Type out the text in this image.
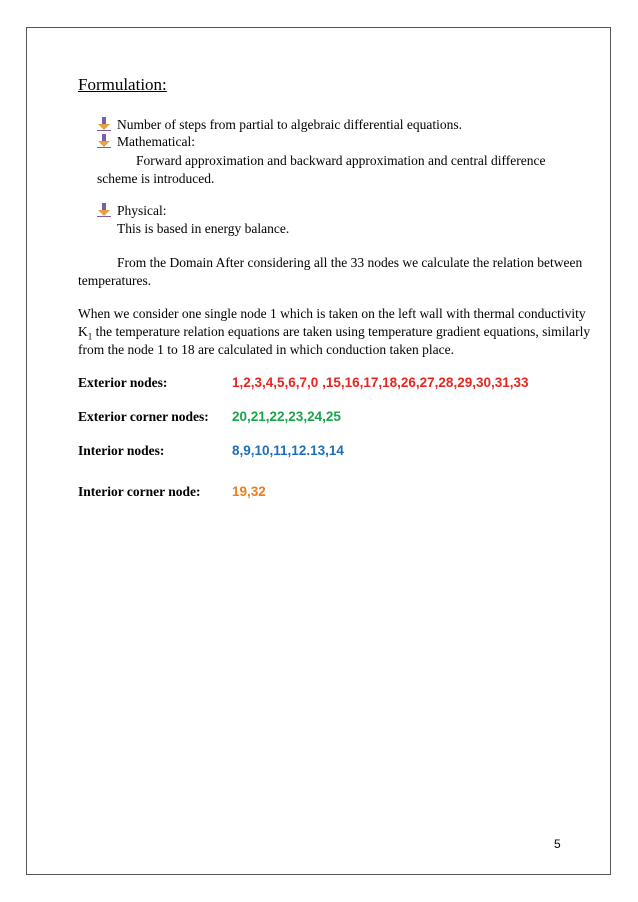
Formulation:
Number of steps from partial to algebraic differential equations.
Mathematical:
Forward approximation and backward approximation and central difference
scheme is introduced.
Physical:
This is based in energy balance.
From the Domain After considering all the 33 nodes we calculate the relation between
temperatures.
When we consider one single node 1 which is taken on the left wall with thermal conductivity
$K_1$ the temperature relation equations are taken using temperature gradient equations, similarly
from the node 1 to 18 are calculated in which conduction taken place.
Exterior nodes:	1,2,3,4,5,6,7,0 ,15,16,17,18,26,27,28,29,30,31,33
Exterior corner nodes: 20,21,22,23,24,25
Interior nodes:	8,9,10,11,12.13,14
Interior corner node: 19,32
5
